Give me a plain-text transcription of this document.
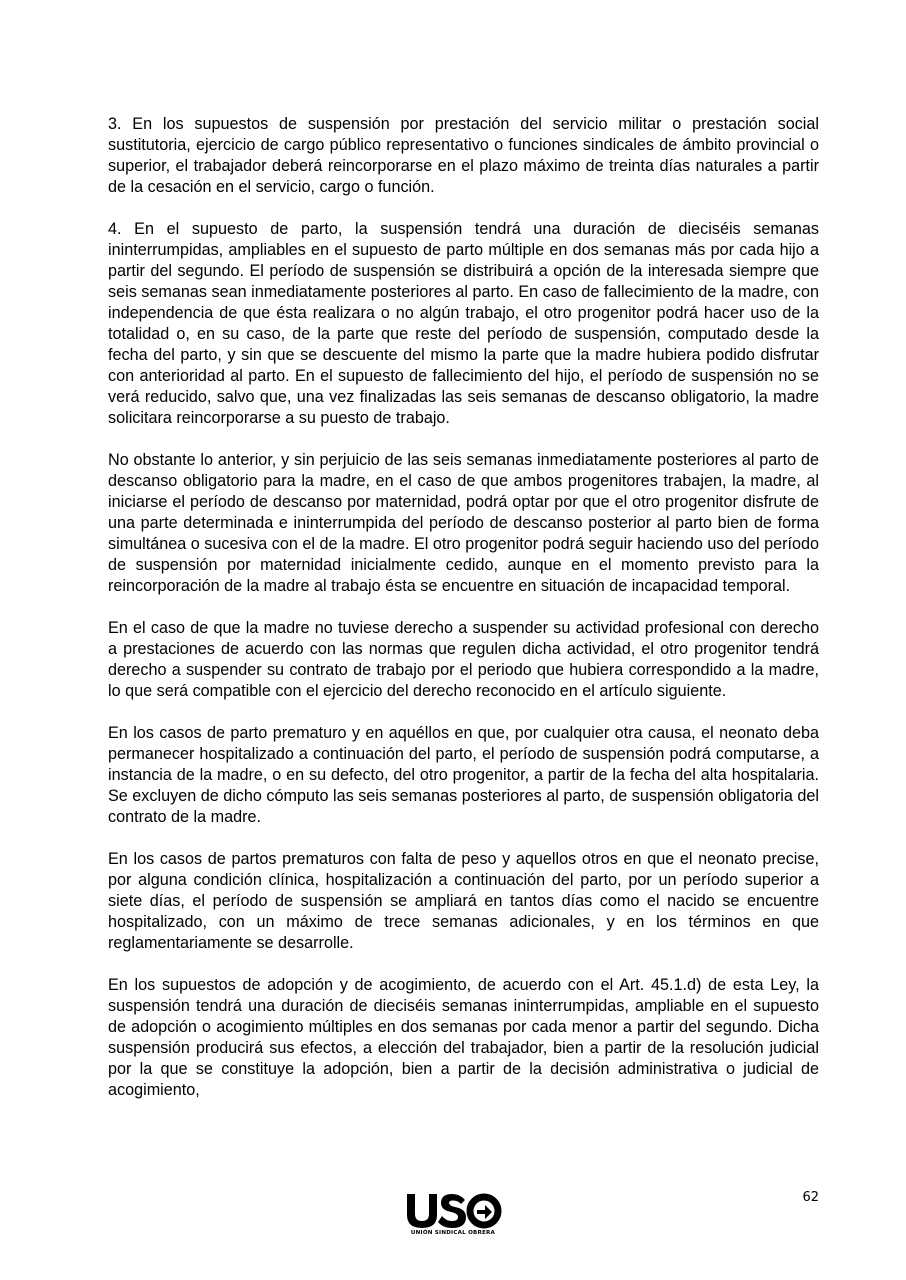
3. En los supuestos de suspensión por prestación del servicio militar o prestación social sustitutoria, ejercicio de cargo público representativo o funciones sindicales de ámbito provincial o superior, el trabajador deberá reincorporarse en el plazo máximo de treinta días naturales a partir de la cesación en el servicio, cargo o función.

4. En el supuesto de parto, la suspensión tendrá una duración de dieciséis semanas ininterrumpidas, ampliables en el supuesto de parto múltiple en dos semanas más por cada hijo a partir del segundo. El período de suspensión se distribuirá a opción de la interesada siempre que seis semanas sean inmediatamente posteriores al parto. En caso de fallecimiento de la madre, con independencia de que ésta realizara o no algún trabajo, el otro progenitor podrá hacer uso de la totalidad o, en su caso, de la parte que reste del período de suspensión, computado desde la fecha del parto, y sin que se descuente del mismo la parte que la madre hubiera podido disfrutar con anterioridad al parto. En el supuesto de fallecimiento del hijo, el período de suspensión no se verá reducido, salvo que, una vez finalizadas las seis semanas de descanso obligatorio, la madre solicitara reincorporarse a su puesto de trabajo.

No obstante lo anterior, y sin perjuicio de las seis semanas inmediatamente posteriores al parto de descanso obligatorio para la madre, en el caso de que ambos progenitores trabajen, la madre, al iniciarse el período de descanso por maternidad, podrá optar por que el otro progenitor disfrute de una parte determinada e ininterrumpida del período de descanso posterior al parto bien de forma simultánea o sucesiva con el de la madre. El otro progenitor podrá seguir haciendo uso del período de suspensión por maternidad inicialmente cedido, aunque en el momento previsto para la reincorporación de la madre al trabajo ésta se encuentre en situación de incapacidad temporal.

En el caso de que la madre no tuviese derecho a suspender su actividad profesional con derecho a prestaciones de acuerdo con las normas que regulen dicha actividad, el otro progenitor tendrá derecho a suspender su contrato de trabajo por el periodo que hubiera correspondido a la madre, lo que será compatible con el ejercicio del derecho reconocido en el artículo siguiente.

En los casos de parto prematuro y en aquéllos en que, por cualquier otra causa, el neonato deba permanecer hospitalizado a continuación del parto, el período de suspensión podrá computarse, a instancia de la madre, o en su defecto, del otro progenitor, a partir de la fecha del alta hospitalaria. Se excluyen de dicho cómputo las seis semanas posteriores al parto, de suspensión obligatoria del contrato de la madre.

En los casos de partos prematuros con falta de peso y aquellos otros en que el neonato precise, por alguna condición clínica, hospitalización a continuación del parto, por un período superior a siete días, el período de suspensión se ampliará en tantos días como el nacido se encuentre hospitalizado, con un máximo de trece semanas adicionales, y en los términos en que reglamentariamente se desarrolle.

En los supuestos de adopción y de acogimiento, de acuerdo con el Art. 45.1.d) de esta Ley, la suspensión tendrá una duración de dieciséis semanas ininterrumpidas, ampliable en el supuesto de adopción o acogimiento múltiples en dos semanas por cada menor a partir del segundo. Dicha suspensión producirá sus efectos, a elección del trabajador, bien a partir de la resolución judicial por la que se constituye la adopción, bien a partir de la decisión administrativa o judicial de acogimiento,

UNIÓN SINDICAL OBRERA
62
